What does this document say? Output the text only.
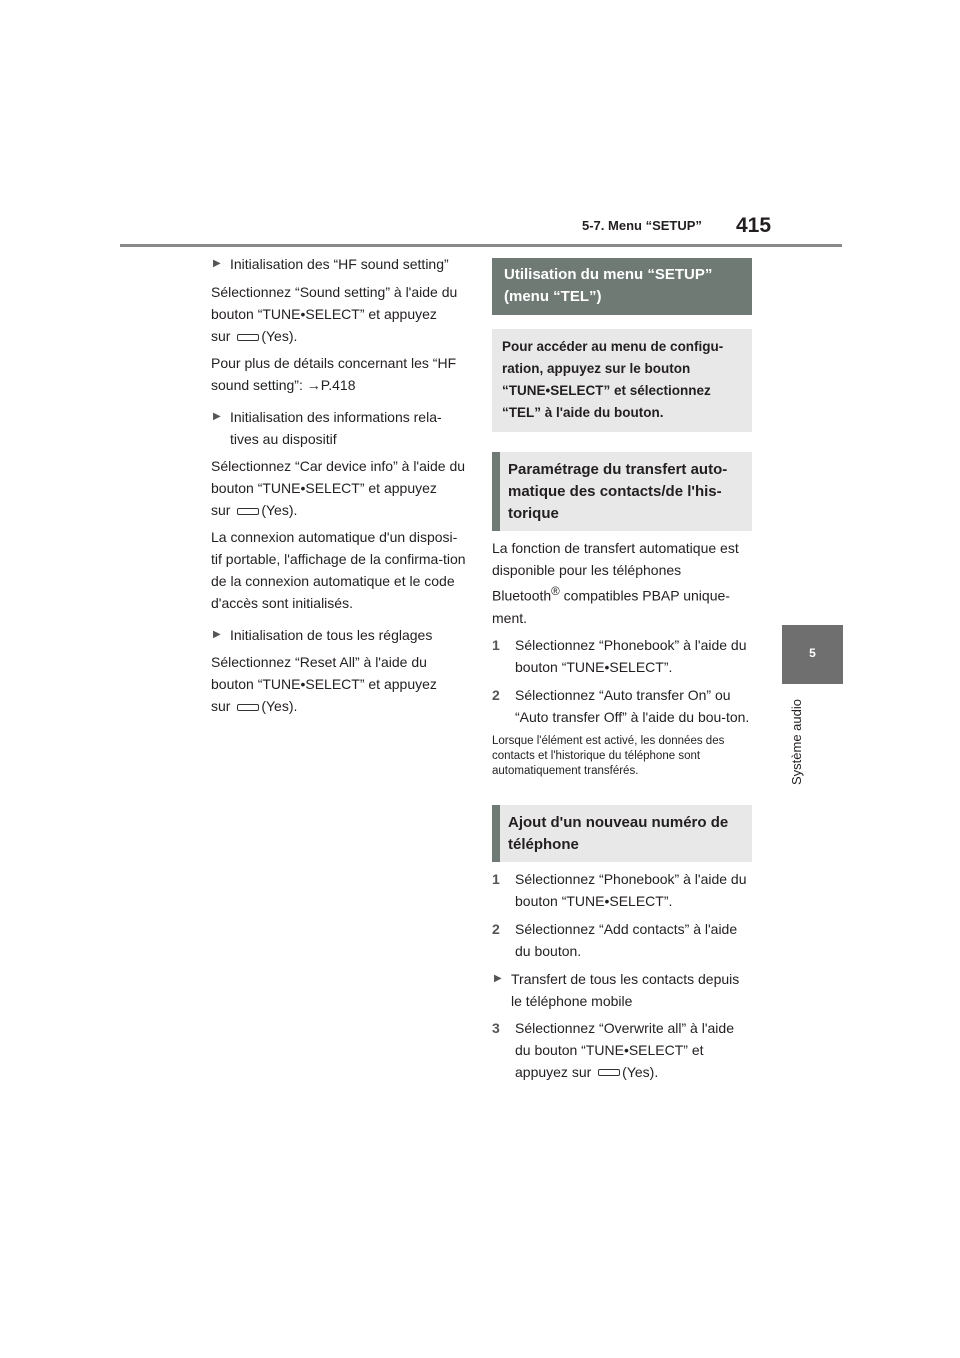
5-7. Menu “SETUP” 415
5
Système audio
▶ Initialisation des “HF sound setting”
Sélectionnez “Sound setting” à l'aide du bouton “TUNE•SELECT” et appuyez
sur (Yes).
Pour plus de détails concernant les “HF sound setting”: →P.418
▶ Initialisation des informations rela-tives au dispositif
Sélectionnez “Car device info” à l'aide du bouton “TUNE•SELECT” et appuyez
sur (Yes).
La connexion automatique d'un disposi-tif portable, l'affichage de la confirma-tion de la connexion automatique et le code d'accès sont initialisés.
▶ Initialisation de tous les réglages
Sélectionnez “Reset All” à l'aide du bouton “TUNE•SELECT” et appuyez
sur (Yes).
Utilisation du menu “SETUP” (menu “TEL”)
Pour accéder au menu de configu-ration, appuyez sur le bouton “TUNE•SELECT” et sélectionnez “TEL” à l'aide du bouton.
Paramétrage du transfert auto-matique des contacts/de l'his-torique
La fonction de transfert automatique est disponible pour les téléphones Bluetooth® compatibles PBAP unique-ment.
1 Sélectionnez “Phonebook” à l'aide du bouton “TUNE•SELECT”.
2 Sélectionnez “Auto transfer On” ou “Auto transfer Off” à l'aide du bou-ton.
Lorsque l'élément est activé, les données des contacts et l'historique du téléphone sont automatiquement transférés.
Ajout d'un nouveau numéro de téléphone
1 Sélectionnez “Phonebook” à l'aide du bouton “TUNE•SELECT”.
2 Sélectionnez “Add contacts” à l'aide du bouton.
▶ Transfert de tous les contacts depuis le téléphone mobile
3 Sélectionnez “Overwrite all” à l'aide du bouton “TUNE•SELECT” et appuyez sur (Yes).
